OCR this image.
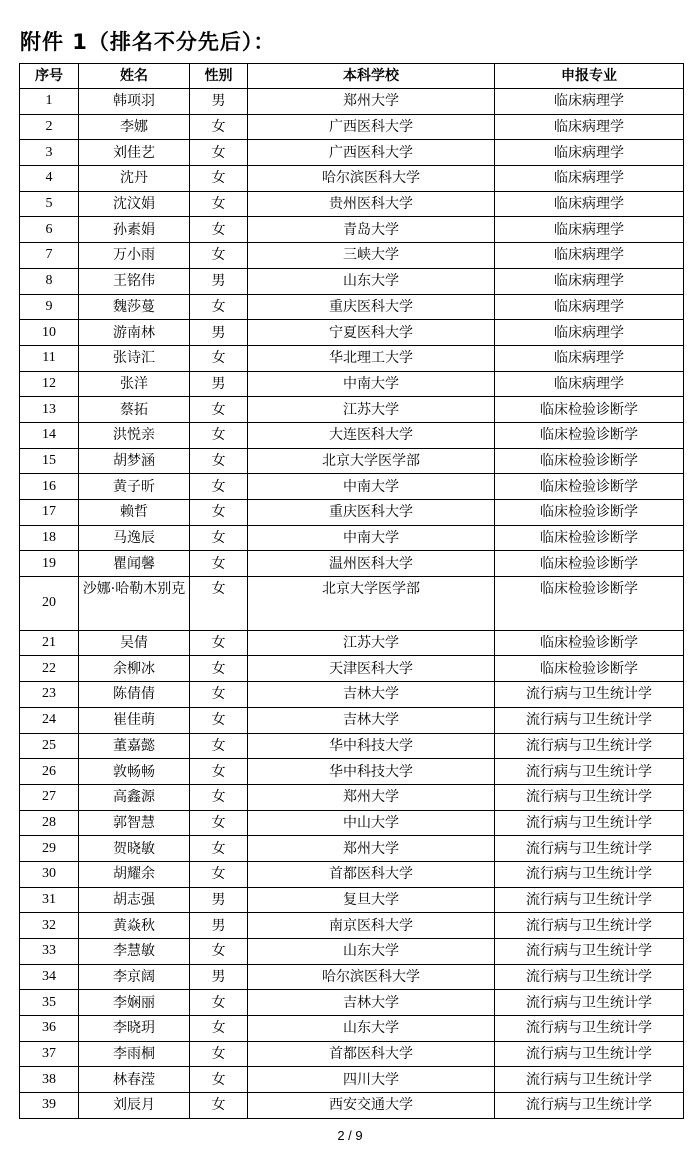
附件 1（排名不分先后）：
序号	姓名	性别	本科学校	申报专业
1	韩项羽	男	郑州大学	临床病理学
2	李娜	女	广西医科大学	临床病理学
3	刘佳艺	女	广西医科大学	临床病理学
4	沈丹	女	哈尔滨医科大学	临床病理学
5	沈汶娟	女	贵州医科大学	临床病理学
6	孙素娟	女	青岛大学	临床病理学
7	万小雨	女	三峡大学	临床病理学
8	王铭伟	男	山东大学	临床病理学
9	魏莎蔓	女	重庆医科大学	临床病理学
10	游南林	男	宁夏医科大学	临床病理学
11	张诗汇	女	华北理工大学	临床病理学
12	张洋	男	中南大学	临床病理学
13	蔡拓	女	江苏大学	临床检验诊断学
14	洪悦亲	女	大连医科大学	临床检验诊断学
15	胡梦涵	女	北京大学医学部	临床检验诊断学
16	黄子昕	女	中南大学	临床检验诊断学
17	赖哲	女	重庆医科大学	临床检验诊断学
18	马逸辰	女	中南大学	临床检验诊断学
19	瞿闻馨	女	温州医科大学	临床检验诊断学
20	沙娜·哈勒木别克	女	北京大学医学部	临床检验诊断学
21	吴倩	女	江苏大学	临床检验诊断学
22	余柳冰	女	天津医科大学	临床检验诊断学
23	陈倩倩	女	吉林大学	流行病与卫生统计学
24	崔佳萌	女	吉林大学	流行病与卫生统计学
25	董嘉懿	女	华中科技大学	流行病与卫生统计学
26	敦畅畅	女	华中科技大学	流行病与卫生统计学
27	高鑫源	女	郑州大学	流行病与卫生统计学
28	郭智慧	女	中山大学	流行病与卫生统计学
29	贺晓敏	女	郑州大学	流行病与卫生统计学
30	胡耀余	女	首都医科大学	流行病与卫生统计学
31	胡志强	男	复旦大学	流行病与卫生统计学
32	黄焱秋	男	南京医科大学	流行病与卫生统计学
33	李慧敏	女	山东大学	流行病与卫生统计学
34	李京阔	男	哈尔滨医科大学	流行病与卫生统计学
35	李娴丽	女	吉林大学	流行病与卫生统计学
36	李晓玥	女	山东大学	流行病与卫生统计学
37	李雨桐	女	首都医科大学	流行病与卫生统计学
38	林春滢	女	四川大学	流行病与卫生统计学
39	刘辰月	女	西安交通大学	流行病与卫生统计学
2 / 9
